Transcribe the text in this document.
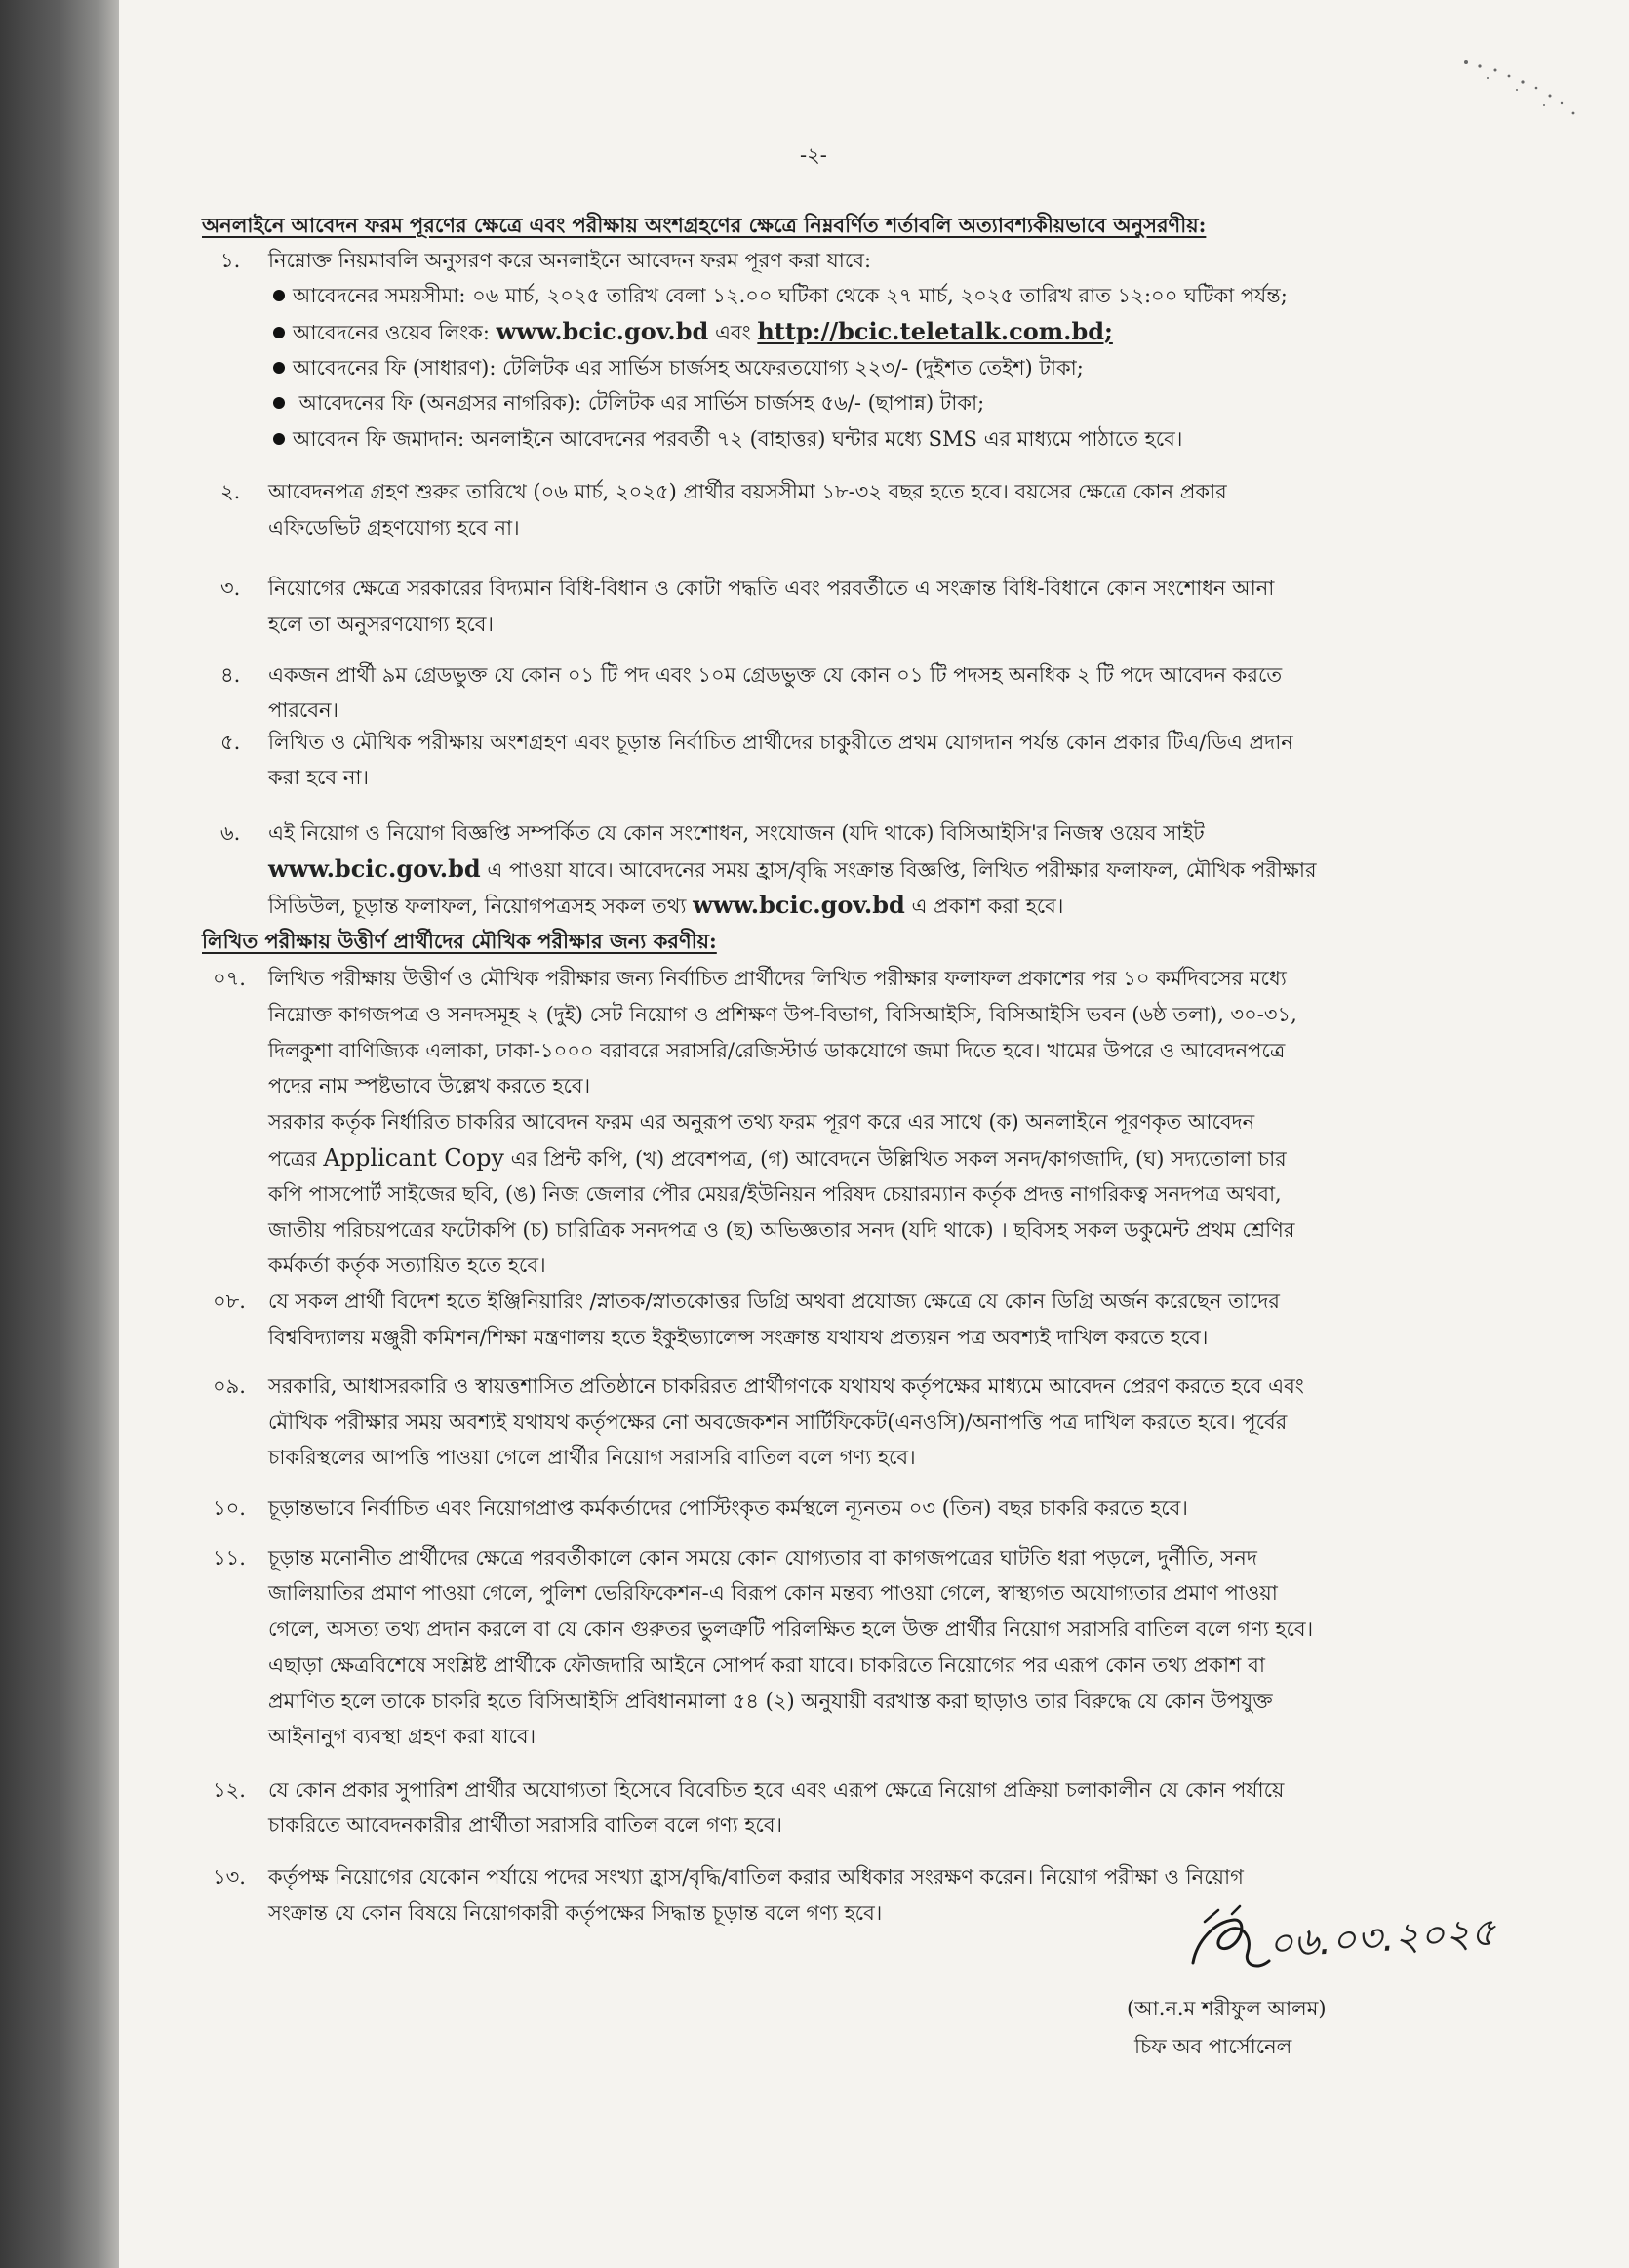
-২-
অনলাইনে আবেদন ফরম পূরণের ক্ষেত্রে এবং পরীক্ষায় অংশগ্রহণের ক্ষেত্রে নিম্নবর্ণিত শর্তাবলি অত্যাবশ্যকীয়ভাবে অনুসরণীয়:
১. নিম্নোক্ত নিয়মাবলি অনুসরণ করে অনলাইনে আবেদন ফরম পূরণ করা যাবে:
আবেদনের সময়সীমা: ০৬ মার্চ, ২০২৫ তারিখ বেলা ১২.০০ ঘটিকা থেকে ২৭ মার্চ, ২০২৫ তারিখ রাত ১২:০০ ঘটিকা পর্যন্ত;
আবেদনের ওয়েব লিংক: www.bcic.gov.bd এবং http://bcic.teletalk.com.bd;
আবেদনের ফি (সাধারণ): টেলিটক এর সার্ভিস চার্জসহ অফেরতযোগ্য ২২৩/- (দুইশত তেইশ) টাকা;
আবেদনের ফি (অনগ্রসর নাগরিক): টেলিটক এর সার্ভিস চার্জসহ ৫৬/- (ছাপান্ন) টাকা;
আবেদন ফি জমাদান: অনলাইনে আবেদনের পরবর্তী ৭২ (বাহাত্তর) ঘন্টার মধ্যে SMS এর মাধ্যমে পাঠাতে হবে।
২. আবেদনপত্র গ্রহণ শুরুর তারিখে (০৬ মার্চ, ২০২৫) প্রার্থীর বয়সসীমা ১৮-৩২ বছর হতে হবে। বয়সের ক্ষেত্রে কোন প্রকার
এফিডেভিট গ্রহণযোগ্য হবে না।
৩. নিয়োগের ক্ষেত্রে সরকারের বিদ্যমান বিধি-বিধান ও কোটা পদ্ধতি এবং পরবর্তীতে এ সংক্রান্ত বিধি-বিধানে কোন সংশোধন আনা
হলে তা অনুসরণযোগ্য হবে।
৪. একজন প্রার্থী ৯ম গ্রেডভুক্ত যে কোন ০১ টি পদ এবং ১০ম গ্রেডভুক্ত যে কোন ০১ টি পদসহ অনধিক ২ টি পদে আবেদন করতে
পারবেন।
৫. লিখিত ও মৌখিক পরীক্ষায় অংশগ্রহণ এবং চূড়ান্ত নির্বাচিত প্রার্থীদের চাকুরীতে প্রথম যোগদান পর্যন্ত কোন প্রকার টিএ/ডিএ প্রদান
করা হবে না।
৬. এই নিয়োগ ও নিয়োগ বিজ্ঞপ্তি সম্পর্কিত যে কোন সংশোধন, সংযোজন (যদি থাকে) বিসিআইসি'র নিজস্ব ওয়েব সাইট
www.bcic.gov.bd এ পাওয়া যাবে। আবেদনের সময় হ্রাস/বৃদ্ধি সংক্রান্ত বিজ্ঞপ্তি, লিখিত পরীক্ষার ফলাফল, মৌখিক পরীক্ষার
সিডিউল, চূড়ান্ত ফলাফল, নিয়োগপত্রসহ সকল তথ্য www.bcic.gov.bd এ প্রকাশ করা হবে।
লিখিত পরীক্ষায় উত্তীর্ণ প্রার্থীদের মৌখিক পরীক্ষার জন্য করণীয়:
০৭. লিখিত পরীক্ষায় উত্তীর্ণ ও মৌখিক পরীক্ষার জন্য নির্বাচিত প্রার্থীদের লিখিত পরীক্ষার ফলাফল প্রকাশের পর ১০ কর্মদিবসের মধ্যে
নিম্নোক্ত কাগজপত্র ও সনদসমূহ ২ (দুই) সেট নিয়োগ ও প্রশিক্ষণ উপ-বিভাগ, বিসিআইসি, বিসিআইসি ভবন (৬ষ্ঠ তলা), ৩০-৩১,
দিলকুশা বাণিজ্যিক এলাকা, ঢাকা-১০০০ বরাবরে সরাসরি/রেজিস্টার্ড ডাকযোগে জমা দিতে হবে। খামের উপরে ও আবেদনপত্রে
পদের নাম স্পষ্টভাবে উল্লেখ করতে হবে।
সরকার কর্তৃক নির্ধারিত চাকরির আবেদন ফরম এর অনুরূপ তথ্য ফরম পূরণ করে এর সাথে (ক) অনলাইনে পূরণকৃত আবেদন
পত্রের Applicant Copy এর প্রিন্ট কপি, (খ) প্রবেশপত্র, (গ) আবেদনে উল্লিখিত সকল সনদ/কাগজাদি, (ঘ) সদ্যতোলা চার
কপি পাসপোর্ট সাইজের ছবি, (ঙ) নিজ জেলার পৌর মেয়র/ইউনিয়ন পরিষদ চেয়ারম্যান কর্তৃক প্রদত্ত নাগরিকত্ব সনদপত্র অথবা,
জাতীয় পরিচয়পত্রের ফটোকপি (চ) চারিত্রিক সনদপত্র ও (ছ) অভিজ্ঞতার সনদ (যদি থাকে) । ছবিসহ সকল ডকুমেন্ট প্রথম শ্রেণির
কর্মকর্তা কর্তৃক সত্যায়িত হতে হবে।
০৮. যে সকল প্রার্থী বিদেশ হতে ইঞ্জিনিয়ারিং /স্নাতক/স্নাতকোত্তর ডিগ্রি অথবা প্রযোজ্য ক্ষেত্রে যে কোন ডিগ্রি অর্জন করেছেন তাদের
বিশ্ববিদ্যালয় মঞ্জুরী কমিশন/শিক্ষা মন্ত্রণালয় হতে ইকুইভ্যালেন্স সংক্রান্ত যথাযথ প্রত্যয়ন পত্র অবশ্যই দাখিল করতে হবে।
০৯. সরকারি, আধাসরকারি ও স্বায়ত্তশাসিত প্রতিষ্ঠানে চাকরিরত প্রার্থীগণকে যথাযথ কর্তৃপক্ষের মাধ্যমে আবেদন প্রেরণ করতে হবে এবং
মৌখিক পরীক্ষার সময় অবশ্যই যথাযথ কর্তৃপক্ষের নো অবজেকশন সার্টিফিকেট(এনওসি)/অনাপত্তি পত্র দাখিল করতে হবে। পূর্বের
চাকরিস্থলের আপত্তি পাওয়া গেলে প্রার্থীর নিয়োগ সরাসরি বাতিল বলে গণ্য হবে।
১০. চূড়ান্তভাবে নির্বাচিত এবং নিয়োগপ্রাপ্ত কর্মকর্তাদের পোস্টিংকৃত কর্মস্থলে ন্যূনতম ০৩ (তিন) বছর চাকরি করতে হবে।
১১. চূড়ান্ত মনোনীত প্রার্থীদের ক্ষেত্রে পরবর্তীকালে কোন সময়ে কোন যোগ্যতার বা কাগজপত্রের ঘাটতি ধরা পড়লে, দুর্নীতি, সনদ
জালিয়াতির প্রমাণ পাওয়া গেলে, পুলিশ ভেরিফিকেশন-এ বিরূপ কোন মন্তব্য পাওয়া গেলে, স্বাস্থ্যগত অযোগ্যতার প্রমাণ পাওয়া
গেলে, অসত্য তথ্য প্রদান করলে বা যে কোন গুরুতর ভুলত্রুটি পরিলক্ষিত হলে উক্ত প্রার্থীর নিয়োগ সরাসরি বাতিল বলে গণ্য হবে।
এছাড়া ক্ষেত্রবিশেষে সংশ্লিষ্ট প্রার্থীকে ফৌজদারি আইনে সোপর্দ করা যাবে। চাকরিতে নিয়োগের পর এরূপ কোন তথ্য প্রকাশ বা
প্রমাণিত হলে তাকে চাকরি হতে বিসিআইসি প্রবিধানমালা ৫৪ (২) অনুযায়ী বরখাস্ত করা ছাড়াও তার বিরুদ্ধে যে কোন উপযুক্ত
আইনানুগ ব্যবস্থা গ্রহণ করা যাবে।
১২. যে কোন প্রকার সুপারিশ প্রার্থীর অযোগ্যতা হিসেবে বিবেচিত হবে এবং এরূপ ক্ষেত্রে নিয়োগ প্রক্রিয়া চলাকালীন যে কোন পর্যায়ে
চাকরিতে আবেদনকারীর প্রার্থীতা সরাসরি বাতিল বলে গণ্য হবে।
১৩. কর্তৃপক্ষ নিয়োগের যেকোন পর্যায়ে পদের সংখ্যা হ্রাস/বৃদ্ধি/বাতিল করার অধিকার সংরক্ষণ করেন। নিয়োগ পরীক্ষা ও নিয়োগ
সংক্রান্ত যে কোন বিষয়ে নিয়োগকারী কর্তৃপক্ষের সিদ্ধান্ত চূড়ান্ত বলে গণ্য হবে।	০৬.০৩.২০২৫
(আ.ন.ম শরীফুল আলম)
চিফ অব পার্সোনেল
